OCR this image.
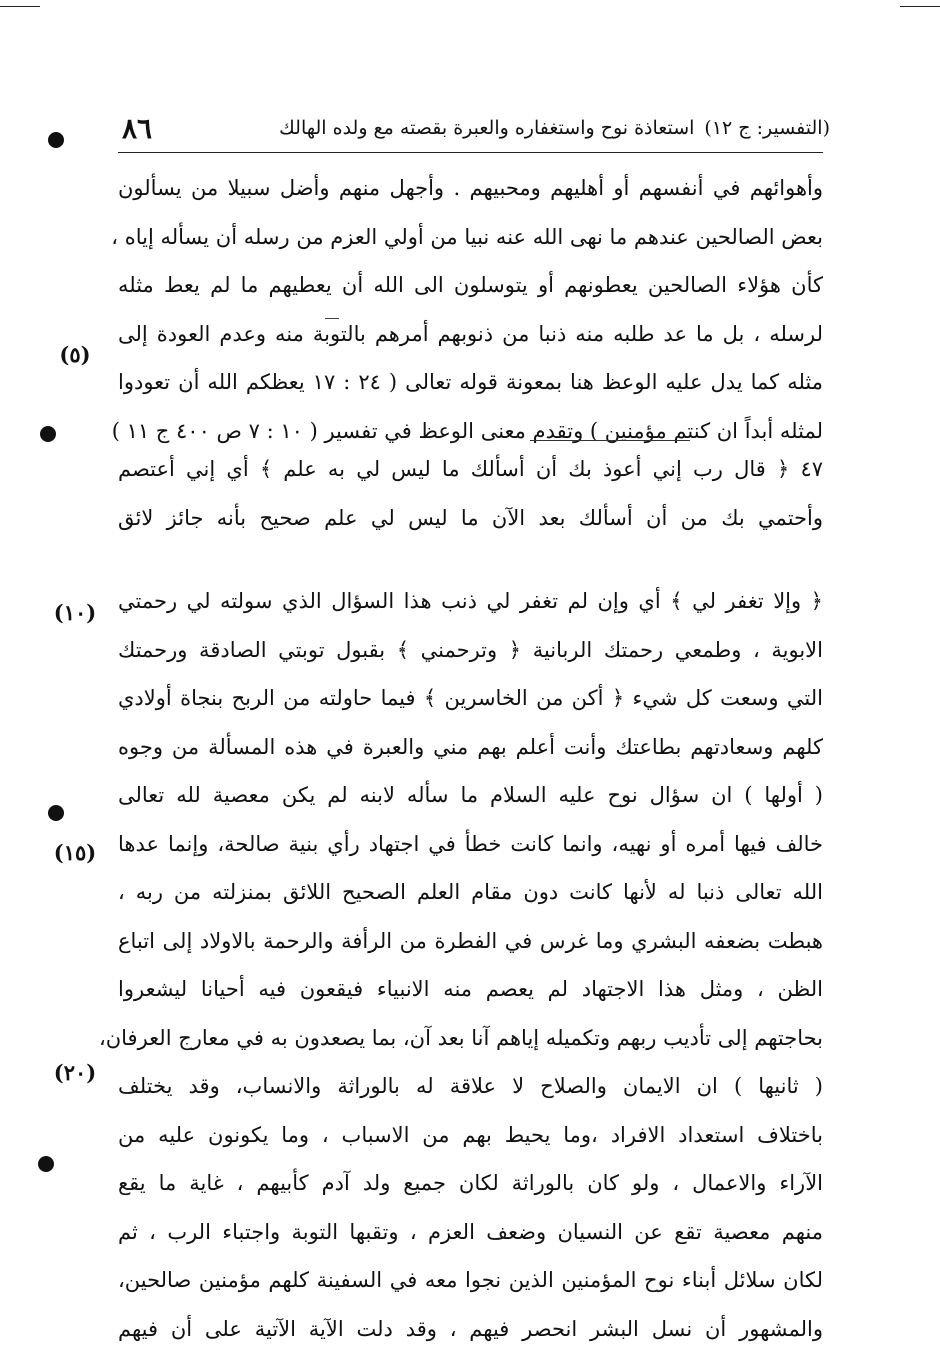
٨٦	استعاذة نوح واستغفاره والعبرة بقصته مع ولده الهالك (التفسير: ج ١٢)
وأهوائهم في أنفسهم أو أهليهم ومحبيهم . وأجهل منهم وأضل سبيلا من يسألون
بعض الصالحين عندهم ما نهى الله عنه نبيا من أولي العزم من رسله أن يسأله إياه ،
كأن هؤلاء الصالحين يعطونهم أو يتوسلون الى الله أن يعطيهم ما لم يعط مثله
لرسله ، بل ما عد طلبه منه ذنبا من ذنوبهم أمرهم بالتوبة منه وعدم العودة إلى
مثله كما يدل عليه الوعظ هنا بمعونة قوله تعالى ( ٢٤ : ١٧ يعظكم الله أن تعودوا
لمثله أبداً ان كنتم مؤمنين ) وتقدم معنى الوعظ في تفسير ( ١٠ : ٧ ص ٤٠٠ ج ١١ )
٤٧ ﴿ قال رب إني أعوذ بك أن أسألك ما ليس لي به علم ﴾ أي إني أعتصم
وأحتمي بك من أن أسألك بعد الآن ما ليس لي علم صحيح بأنه جائز لائق
﴿ وإلا تغفر لي ﴾ أي وإن لم تغفر لي ذنب هذا السؤال الذي سولته لي رحمتي
الابوية ، وطمعي رحمتك الربانية ﴿ وترحمني ﴾ بقبول توبتي الصادقة ورحمتك
التي وسعت كل شيء ﴿ أكن من الخاسرين ﴾ فيما حاولته من الربح بنجاة أولادي
كلهم وسعادتهم بطاعتك وأنت أعلم بهم مني والعبرة في هذه المسألة من وجوه
( أولها ) ان سؤال نوح عليه السلام ما سأله لابنه لم يكن معصية لله تعالى
خالف فيها أمره أو نهيه، وانما كانت خطأ في اجتهاد رأي بنية صالحة، وإنما عدها
الله تعالى ذنبا له لأنها كانت دون مقام العلم الصحيح اللائق بمنزلته من ربه ،
هبطت بضعفه البشري وما غرس في الفطرة من الرأفة والرحمة بالاولاد إلى اتباع
الظن ، ومثل هذا الاجتهاد لم يعصم منه الانبياء فيقعون فيه أحيانا ليشعروا
بحاجتهم إلى تأديب ربهم وتكميله إياهم آنا بعد آن، بما يصعدون به في معارج العرفان،
( ثانيها ) ان الايمان والصلاح لا علاقة له بالوراثة والانساب، وقد يختلف
باختلاف استعداد الافراد ،وما يحيط بهم من الاسباب ، وما يكونون عليه من
الآراء والاعمال ، ولو كان بالوراثة لكان جميع ولد آدم كأبيهم ، غاية ما يقع
منهم معصية تقع عن النسيان وضعف العزم ، وتقبها التوبة واجتباء الرب ، ثم
لكان سلائل أبناء نوح المؤمنين الذين نجوا معه في السفينة كلهم مؤمنين صالحين،
والمشهور أن نسل البشر انحصر فيهم ، وقد دلت الآية الآتية على أن فيهم
(٥)
(١٠)
(١٥)
(٢٠)
